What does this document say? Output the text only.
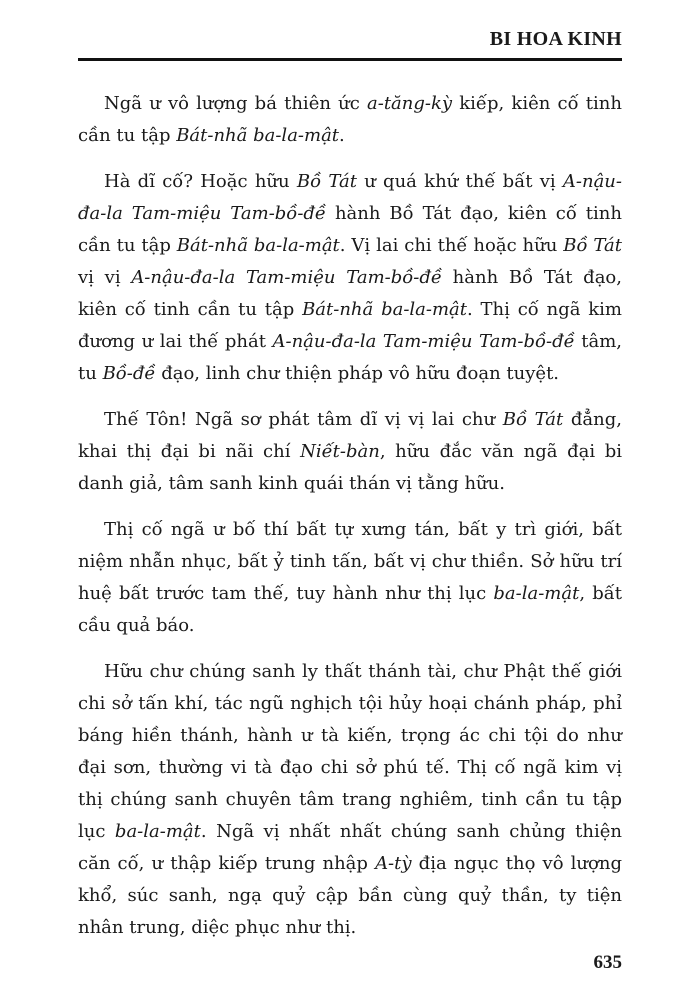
BI HOA KINH

Ngã ư vô lượng bá thiên ức a-tăng-kỳ kiếp, kiên cố tinh cần tu tập Bát-nhã ba-la-mật.

Hà dĩ cố? Hoặc hữu Bồ Tát ư quá khứ thế bất vị A-nậu-đa-la Tam-miệu Tam-bồ-đề hành Bồ Tát đạo, kiên cố tinh cần tu tập Bát-nhã ba-la-mật. Vị lai chi thế hoặc hữu Bồ Tát vị vị A-nậu-đa-la Tam-miệu Tam-bồ-đề hành Bồ Tát đạo, kiên cố tinh cần tu tập Bát-nhã ba-la-mật. Thị cố ngã kim đương ư lai thế phát A-nậu-đa-la Tam-miệu Tam-bồ-đề tâm, tu Bồ-đề đạo, linh chư thiện pháp vô hữu đoạn tuyệt.

Thế Tôn! Ngã sơ phát tâm dĩ vị vị lai chư Bồ Tát đẳng, khai thị đại bi nãi chí Niết-bàn, hữu đắc văn ngã đại bi danh giả, tâm sanh kinh quái thán vị tằng hữu.

Thị cố ngã ư bố thí bất tự xưng tán, bất y trì giới, bất niệm nhẫn nhục, bất ỷ tinh tấn, bất vị chư thiền. Sở hữu trí huệ bất trước tam thế, tuy hành như thị lục ba-la-mật, bất cầu quả báo.

Hữu chư chúng sanh ly thất thánh tài, chư Phật thế giới chi sở tấn khí, tác ngũ nghịch tội hủy hoại chánh pháp, phỉ báng hiền thánh, hành ư tà kiến, trọng ác chi tội do như đại sơn, thường vi tà đạo chi sở phú tế. Thị cố ngã kim vị thị chúng sanh chuyên tâm trang nghiêm, tinh cần tu tập lục ba-la-mật. Ngã vị nhất nhất chúng sanh chủng thiện căn cố, ư thập kiếp trung nhập A-tỳ địa ngục thọ vô lượng khổ, súc sanh, ngạ quỷ cập bần cùng quỷ thần, ty tiện nhân trung, diệc phục như thị.

635
